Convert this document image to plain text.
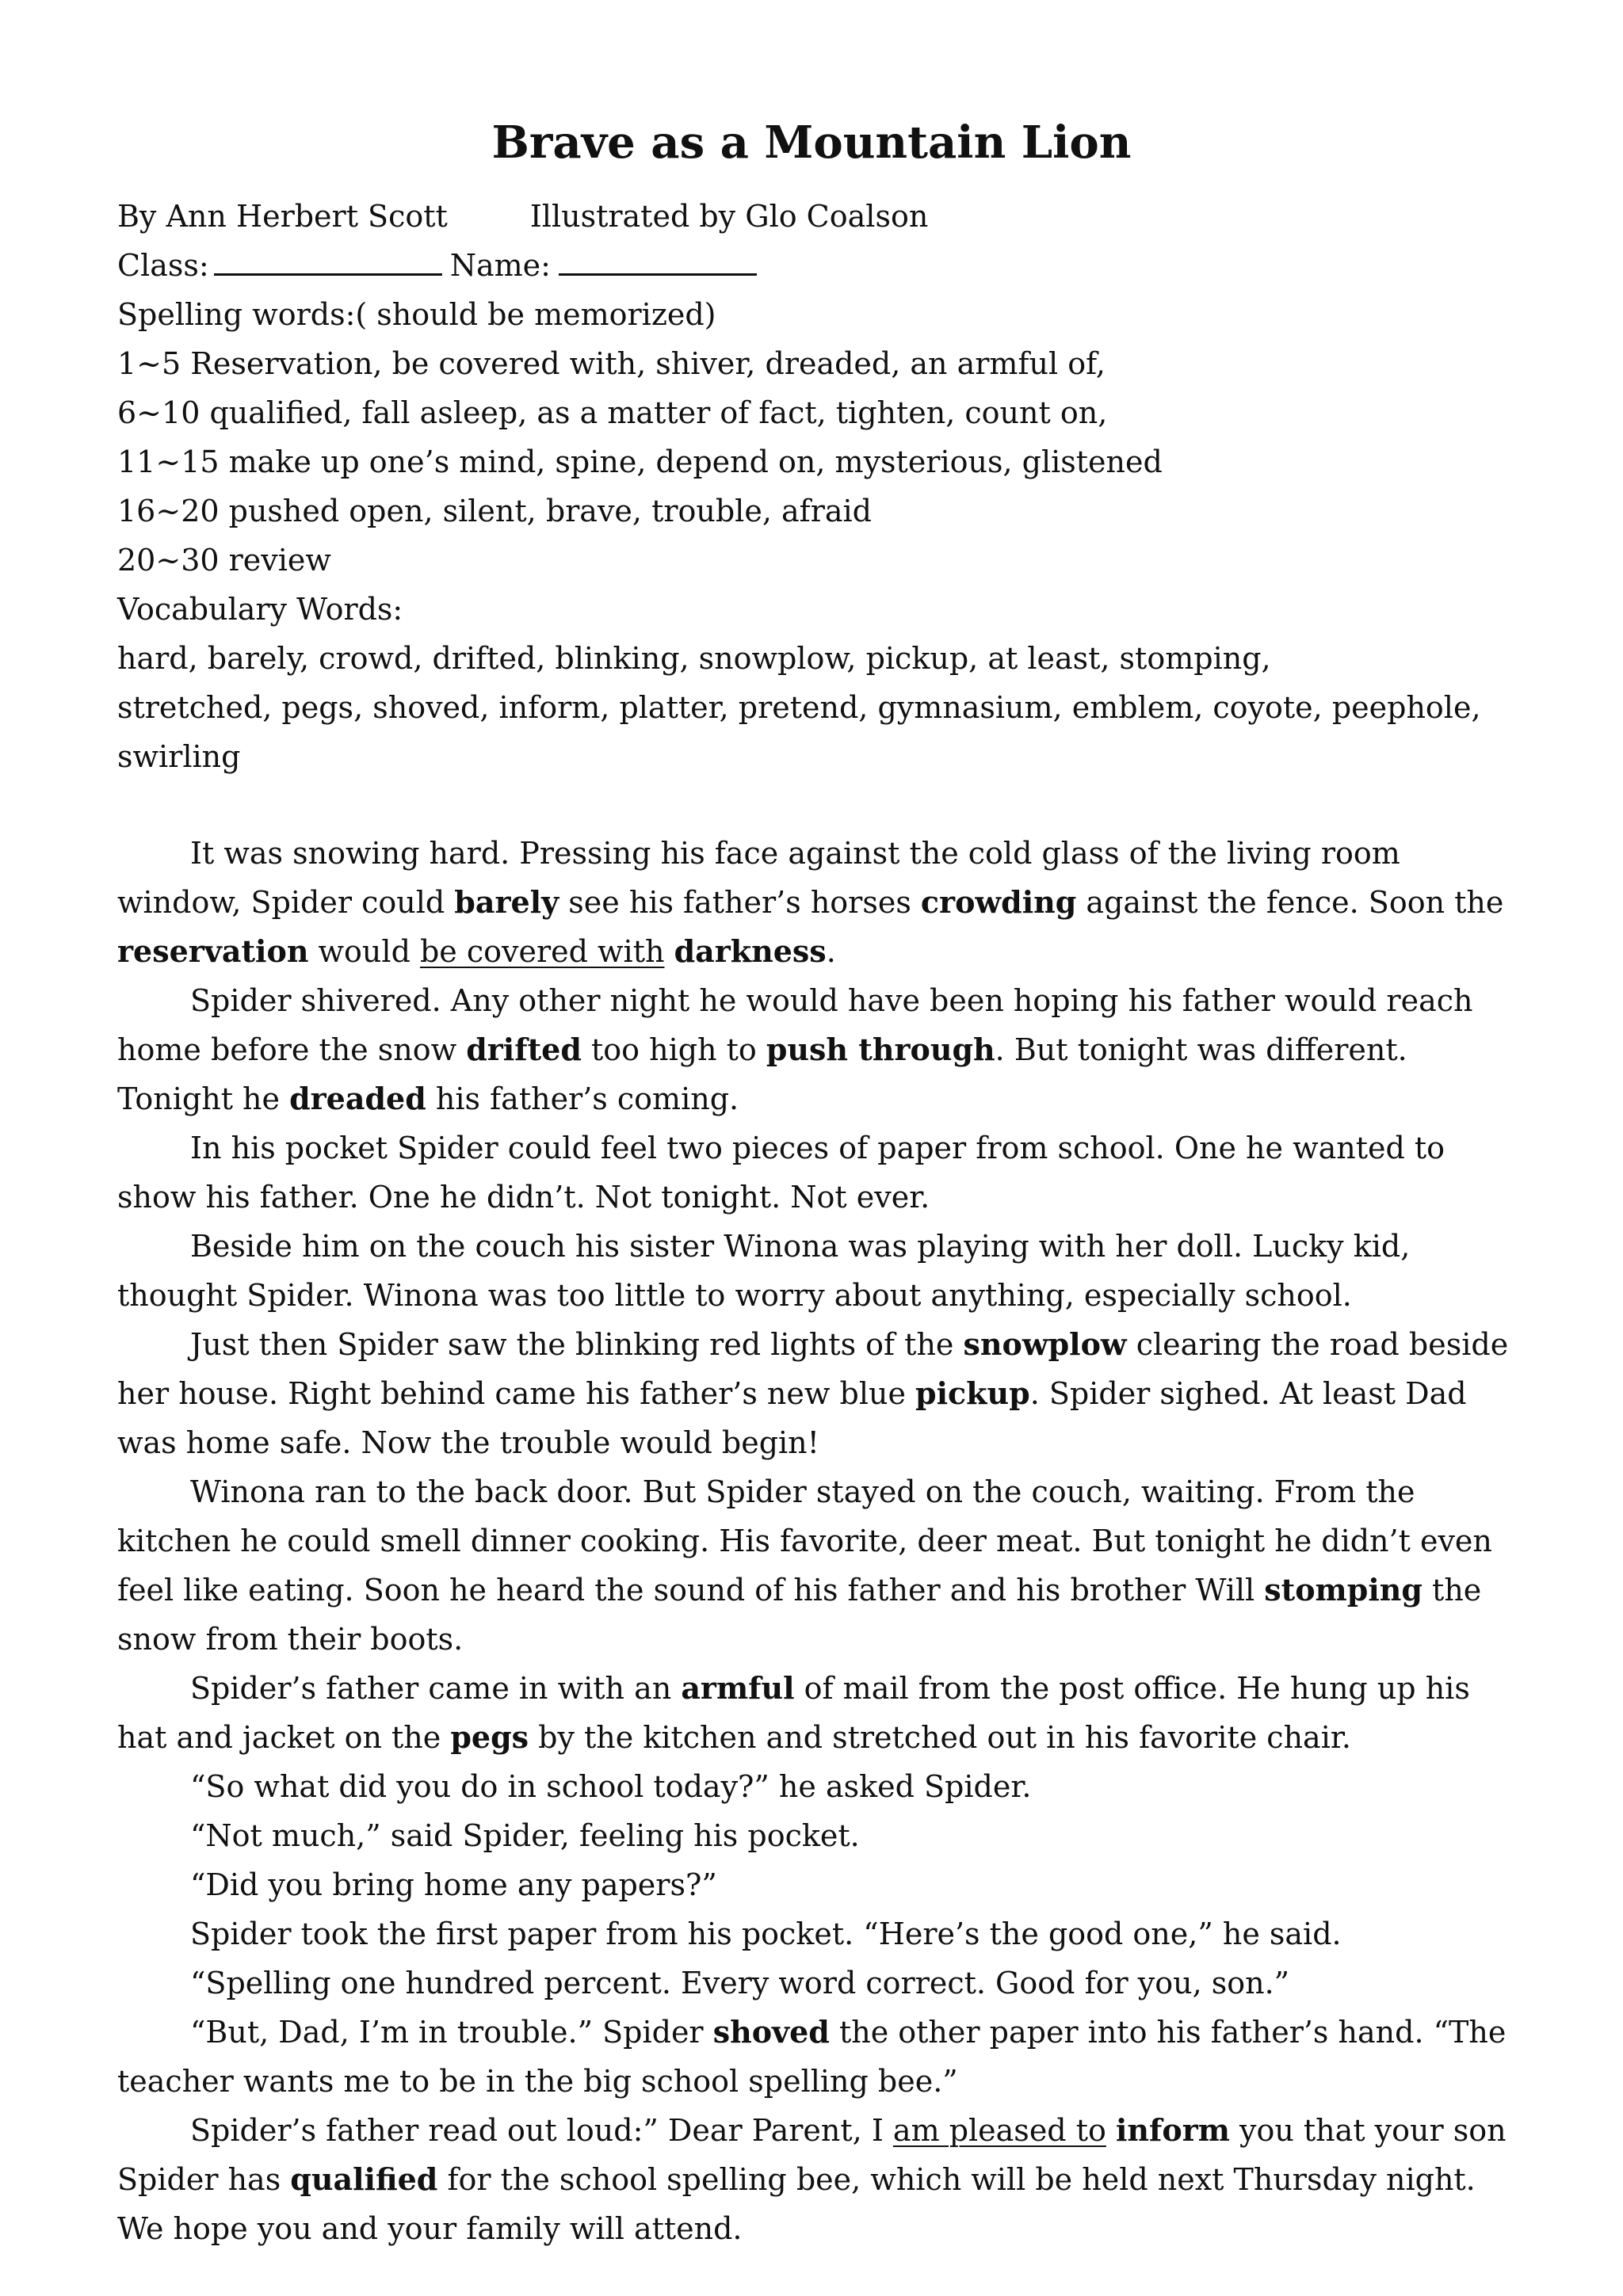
Brave as a Mountain Lion
By Ann Herbert Scott	Illustrated by Glo Coalson
Class:	Name:
Spelling words:( should be memorized)
1~5 Reservation, be covered with, shiver, dreaded, an armful of,
6~10 qualified, fall asleep, as a matter of fact, tighten, count on,
11~15 make up one’s mind, spine, depend on, mysterious, glistened
16~20 pushed open, silent, brave, trouble, afraid
20~30 review
Vocabulary Words:
hard, barely, crowd, drifted, blinking, snowplow, pickup, at least, stomping,
stretched, pegs, shoved, inform, platter, pretend, gymnasium, emblem, coyote, peephole,
swirling

It was snowing hard. Pressing his face against the cold glass of the living room window, Spider could barely see his father’s horses crowding against the fence. Soon the reservation would be covered with darkness.

Spider shivered. Any other night he would have been hoping his father would reach home before the snow drifted too high to push through. But tonight was different. Tonight he dreaded his father’s coming.

In his pocket Spider could feel two pieces of paper from school. One he wanted to show his father. One he didn’t. Not tonight. Not ever.

Beside him on the couch his sister Winona was playing with her doll. Lucky kid, thought Spider. Winona was too little to worry about anything, especially school.

Just then Spider saw the blinking red lights of the snowplow clearing the road beside her house. Right behind came his father’s new blue pickup. Spider sighed. At least Dad was home safe. Now the trouble would begin!

Winona ran to the back door. But Spider stayed on the couch, waiting. From the kitchen he could smell dinner cooking. His favorite, deer meat. But tonight he didn’t even feel like eating. Soon he heard the sound of his father and his brother Will stomping the snow from their boots.

Spider’s father came in with an armful of mail from the post office. He hung up his hat and jacket on the pegs by the kitchen and stretched out in his favorite chair.

“So what did you do in school today?” he asked Spider.

“Not much,” said Spider, feeling his pocket.

“Did you bring home any papers?”

Spider took the first paper from his pocket. “Here’s the good one,” he said.

“Spelling one hundred percent. Every word correct. Good for you, son.”

“But, Dad, I’m in trouble.” Spider shoved the other paper into his father’s hand. “The teacher wants me to be in the big school spelling bee.”

Spider’s father read out loud:” Dear Parent, I am pleased to inform you that your son Spider has qualified for the school spelling bee, which will be held next Thursday night. We hope you and your family will attend.
